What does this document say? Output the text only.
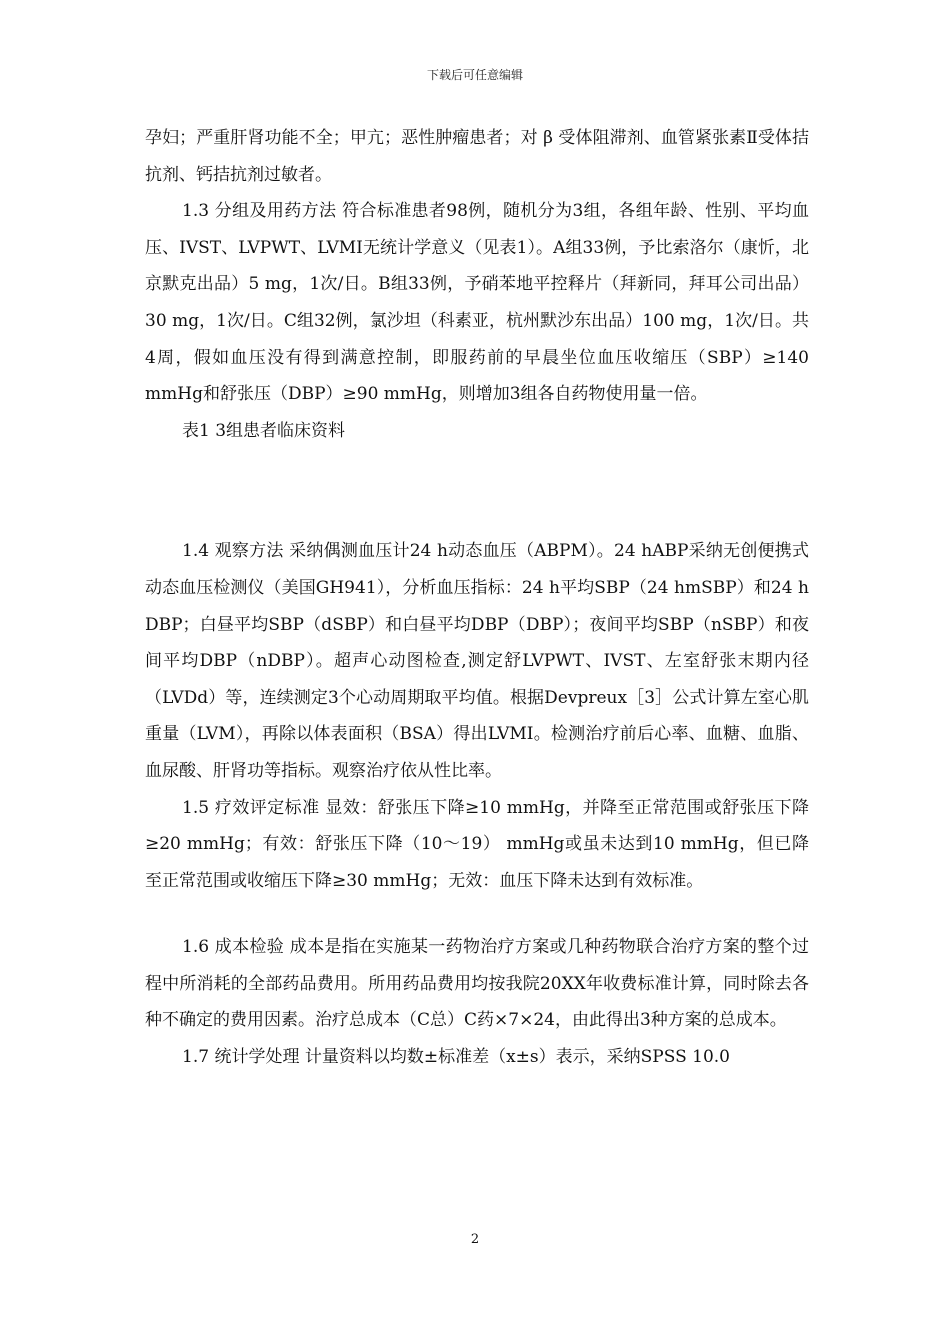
下载后可任意编辑

孕妇；严重肝肾功能不全；甲亢；恶性肿瘤患者；对 β 受体阻滞剂、血管紧张素Ⅱ受体拮抗剂、钙拮抗剂过敏者。

1.3 分组及用药方法 符合标准患者98例，随机分为3组，各组年龄、性别、平均血压、IVST、LVPWT、LVMI无统计学意义（见表1）。A组33例，予比索洛尔（康忻，北京默克出品）5 mg，1次/日。B组33例，予硝苯地平控释片（拜新同，拜耳公司出品）30 mg，1次/日。C组32例，氯沙坦（科素亚，杭州默沙东出品）100 mg，1次/日。共4周，假如血压没有得到满意控制，即服药前的早晨坐位血压收缩压（SBP）≥140 mmHg和舒张压（DBP）≥90 mmHg，则增加3组各自药物使用量一倍。

表1 3组患者临床资料

1.4 观察方法 采纳偶测血压计24 h动态血压（ABPM）。24 hABP采纳无创便携式动态血压检测仪（美国GH941），分析血压指标：24 h平均SBP（24 hmSBP）和24 h DBP；白昼平均SBP（dSBP）和白昼平均DBP（DBP）；夜间平均SBP（nSBP）和夜间平均DBP（nDBP）。超声心动图检查,测定舒LVPWT、IVST、左室舒张末期内径（LVDd）等，连续测定3个心动周期取平均值。根据Devpreux［3］公式计算左室心肌重量（LVM），再除以体表面积（BSA）得出LVMI。检测治疗前后心率、血糖、血脂、血尿酸、肝肾功等指标。观察治疗依从性比率。

1.5 疗效评定标准 显效：舒张压下降≥10 mmHg，并降至正常范围或舒张压下降≥20 mmHg；有效：舒张压下降（10～19） mmHg或虽未达到10 mmHg，但已降至正常范围或收缩压下降≥30 mmHg；无效：血压下降未达到有效标准。

1.6 成本检验 成本是指在实施某一药物治疗方案或几种药物联合治疗方案的整个过程中所消耗的全部药品费用。所用药品费用均按我院20XX年收费标准计算，同时除去各种不确定的费用因素。治疗总成本（C总）C药×7×24，由此得出3种方案的总成本。

1.7 统计学处理 计量资料以均数±标准差（x±s）表示，采纳SPSS 10.0

2
